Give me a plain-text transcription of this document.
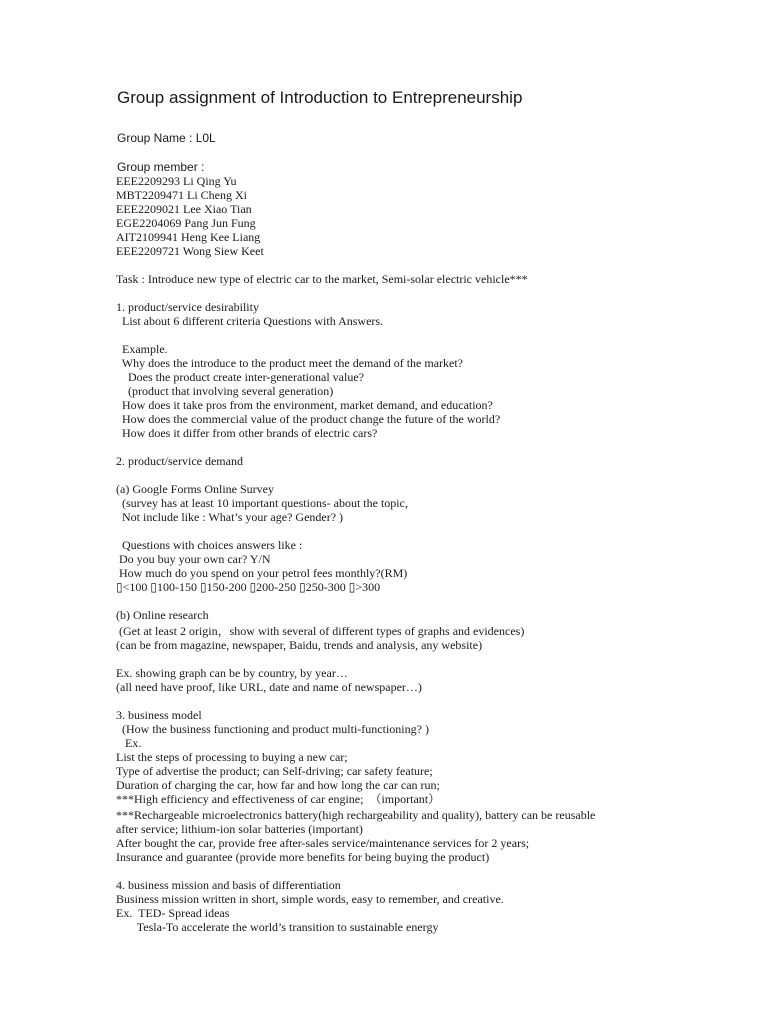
Group assignment of Introduction to Entrepreneurship
Group Name : L0L
Group member :
EEE2209293 Li Qing Yu
MBT2209471 Li Cheng Xi
EEE2209021 Lee Xiao Tian
EGE2204069 Pang Jun Fung
AIT2109941 Heng Kee Liang
EEE2209721 Wong Siew Keet
Task : Introduce new type of electric car to the market, Semi-solar electric vehicle***
1. product/service desirability
List about 6 different criteria Questions with Answers.
Example.
Why does the introduce to the product meet the demand of the market?
Does the product create inter-generational value?
(product that involving several generation)
How does it take pros from the environment, market demand, and education?
How does the commercial value of the product change the future of the world?
How does it differ from other brands of electric cars?
2. product/service demand
(a) Google Forms Online Survey
(survey has at least 10 important questions- about the topic,
Not include like : What’s your age? Gender? )
Questions with choices answers like :
Do you buy your own car? Y/N
How much do you spend on your petrol fees monthly?(RM)
▯<100 ▯100-150 ▯150-200 ▯200-250 ▯250-300 ▯>300
(b) Online research
(Get at least 2 origin，show with several of different types of graphs and evidences)
(can be from magazine, newspaper, Baidu, trends and analysis, any website)
Ex. showing graph can be by country, by year…
(all need have proof, like URL, date and name of newspaper…)
3. business model
(How the business functioning and product multi-functioning? )
Ex.
List the steps of processing to buying a new car;
Type of advertise the product; can Self-driving; car safety feature;
Duration of charging the car, how far and how long the car can run;
***High efficiency and effectiveness of car engine;  （important）
***Rechargeable microelectronics battery(high rechargeability and quality), battery can be reusable
after service; lithium-ion solar batteries (important)
After bought the car, provide free after-sales service/maintenance services for 2 years;
Insurance and guarantee (provide more benefits for being buying the product)
4. business mission and basis of differentiation
Business mission written in short, simple words, easy to remember, and creative.
Ex.  TED- Spread ideas
Tesla-To accelerate the world’s transition to sustainable energy
